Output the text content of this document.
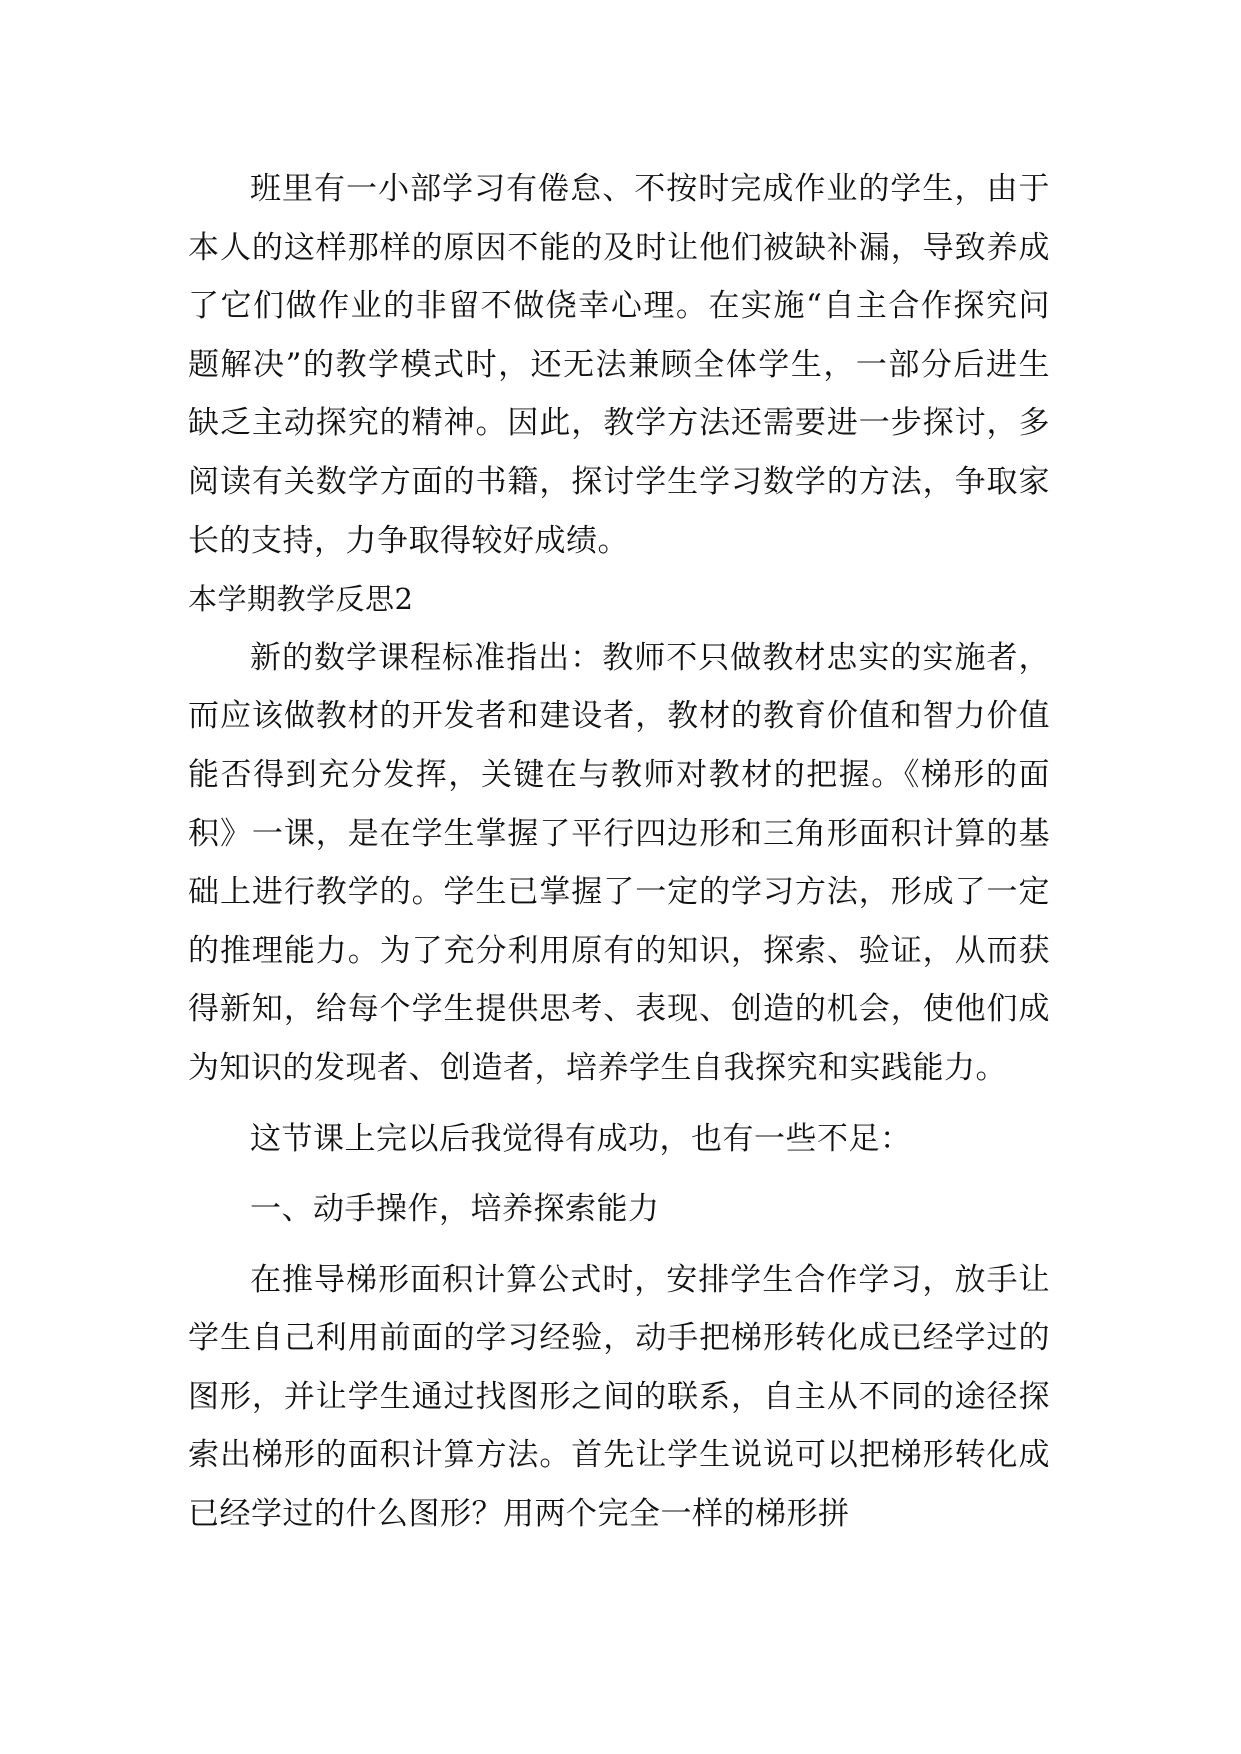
班里有一小部学习有倦怠、不按时完成作业的学生，由于本人的这样那样的原因不能的及时让他们被缺补漏，导致养成了它们做作业的非留不做侥幸心理。在实施“自主合作探究问题解决”的教学模式时，还无法兼顾全体学生，一部分后进生缺乏主动探究的精神。因此，教学方法还需要进一步探讨，多阅读有关数学方面的书籍，探讨学生学习数学的方法，争取家长的支持，力争取得较好成绩。

本学期教学反思2

新的数学课程标准指出：教师不只做教材忠实的实施者，而应该做教材的开发者和建设者，教材的教育价值和智力价值能否得到充分发挥，关键在与教师对教材的把握。《梯形的面积》一课，是在学生掌握了平行四边形和三角形面积计算的基础上进行教学的。学生已掌握了一定的学习方法，形成了一定的推理能力。为了充分利用原有的知识，探索、验证，从而获得新知，给每个学生提供思考、表现、创造的机会，使他们成为知识的发现者、创造者，培养学生自我探究和实践能力。

这节课上完以后我觉得有成功，也有一些不足：

一、动手操作，培养探索能力

在推导梯形面积计算公式时，安排学生合作学习，放手让学生自己利用前面的学习经验，动手把梯形转化成已经学过的图形，并让学生通过找图形之间的联系，自主从不同的途径探索出梯形的面积计算方法。首先让学生说说可以把梯形转化成已经学过的什么图形？用两个完全一样的梯形拼
